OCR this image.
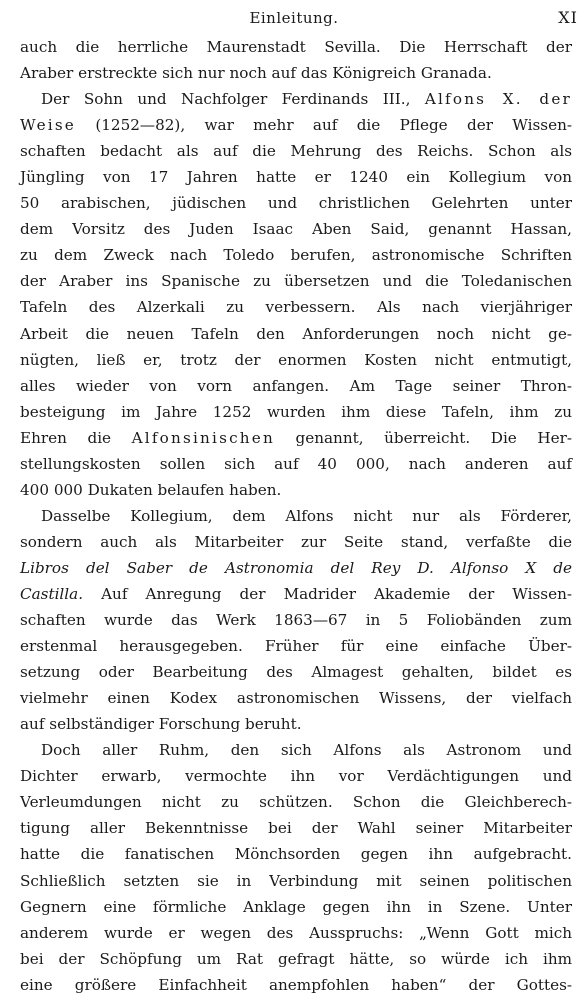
Einleitung.	XI
auch die herrliche Maurenstadt Sevilla. Die Herrschaft der
Araber erstreckte sich nur noch auf das Königreich Granada.
Der Sohn und Nachfolger Ferdinands III., Alfons X. der
Weise (1252—82), war mehr auf die Pflege der Wissen-
schaften bedacht als auf die Mehrung des Reichs. Schon als
Jüngling von 17 Jahren hatte er 1240 ein Kollegium von
50 arabischen, jüdischen und christlichen Gelehrten unter
dem Vorsitz des Juden Isaac Aben Said, genannt Hassan,
zu dem Zweck nach Toledo berufen, astronomische Schriften
der Araber ins Spanische zu übersetzen und die Toledanischen
Tafeln des Alzerkali zu verbessern. Als nach vierjähriger
Arbeit die neuen Tafeln den Anforderungen noch nicht ge-
nügten, ließ er, trotz der enormen Kosten nicht entmutigt,
alles wieder von vorn anfangen. Am Tage seiner Thron-
besteigung im Jahre 1252 wurden ihm diese Tafeln, ihm zu
Ehren die Alfonsinischen genannt, überreicht. Die Her-
stellungskosten sollen sich auf 40 000, nach anderen auf
400 000 Dukaten belaufen haben.
Dasselbe Kollegium, dem Alfons nicht nur als Förderer,
sondern auch als Mitarbeiter zur Seite stand, verfaßte die
Libros del Saber de Astronomia del Rey D. Alfonso X de
Castilla. Auf Anregung der Madrider Akademie der Wissen-
schaften wurde das Werk 1863—67 in 5 Foliobänden zum
erstenmal herausgegeben. Früher für eine einfache Über-
setzung oder Bearbeitung des Almagest gehalten, bildet es
vielmehr einen Kodex astronomischen Wissens, der vielfach
auf selbständiger Forschung beruht.
Doch aller Ruhm, den sich Alfons als Astronom und
Dichter erwarb, vermochte ihn vor Verdächtigungen und
Verleumdungen nicht zu schützen. Schon die Gleichberech-
tigung aller Bekenntnisse bei der Wahl seiner Mitarbeiter
hatte die fanatischen Mönchsorden gegen ihn aufgebracht.
Schließlich setzten sie in Verbindung mit seinen politischen
Gegnern eine förmliche Anklage gegen ihn in Szene. Unter
anderem wurde er wegen des Ausspruchs: „Wenn Gott mich
bei der Schöpfung um Rat gefragt hätte, so würde ich ihm
eine größere Einfachheit anempfohlen haben“ der Gottes-
